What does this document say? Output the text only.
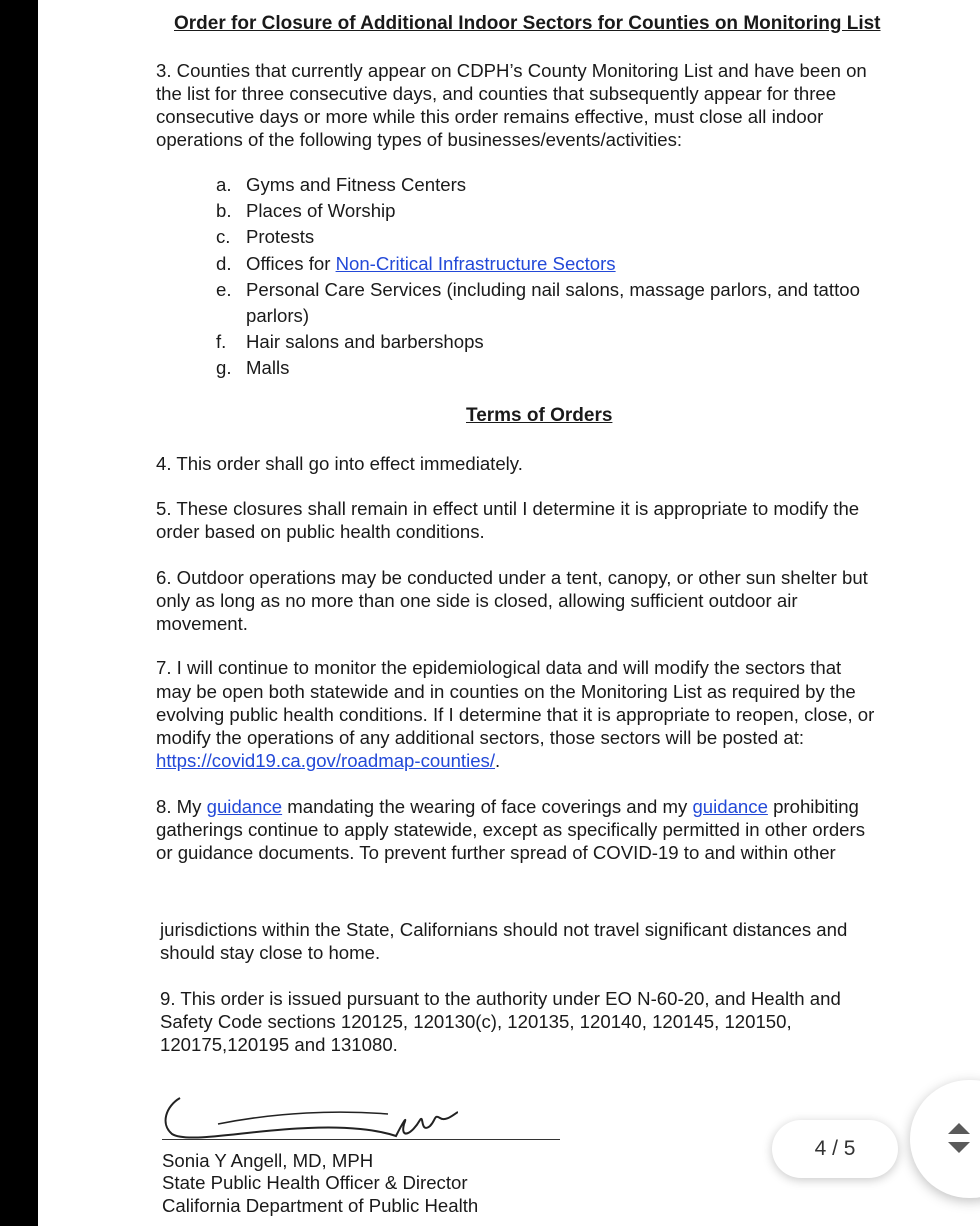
Order for Closure of Additional Indoor Sectors for Counties on Monitoring List
3. Counties that currently appear on CDPH’s County Monitoring List and have been on
the list for three consecutive days, and counties that subsequently appear for three
consecutive days or more while this order remains effective, must close all indoor
operations of the following types of businesses/events/activities:
a. Gyms and Fitness Centers
b. Places of Worship
c. Protests
d. Offices for Non-Critical Infrastructure Sectors
e. Personal Care Services (including nail salons, massage parlors, and tattoo
parlors)
f. Hair salons and barbershops
g. Malls
Terms of Orders
4. This order shall go into effect immediately.
5. These closures shall remain in effect until I determine it is appropriate to modify the
order based on public health conditions.
6. Outdoor operations may be conducted under a tent, canopy, or other sun shelter but
only as long as no more than one side is closed, allowing sufficient outdoor air
movement.
7. I will continue to monitor the epidemiological data and will modify the sectors that
may be open both statewide and in counties on the Monitoring List as required by the
evolving public health conditions. If I determine that it is appropriate to reopen, close, or
modify the operations of any additional sectors, those sectors will be posted at:
https://covid19.ca.gov/roadmap-counties/.
8. My guidance mandating the wearing of face coverings and my guidance prohibiting
gatherings continue to apply statewide, except as specifically permitted in other orders
or guidance documents. To prevent further spread of COVID-19 to and within other
jurisdictions within the State, Californians should not travel significant distances and
should stay close to home.
9. This order is issued pursuant to the authority under EO N-60-20, and Health and
Safety Code sections 120125, 120130(c), 120135, 120140, 120145, 120150,
120175,120195 and 131080.
Sonia Y Angell, MD, MPH
State Public Health Officer & Director
California Department of Public Health
4 / 5
